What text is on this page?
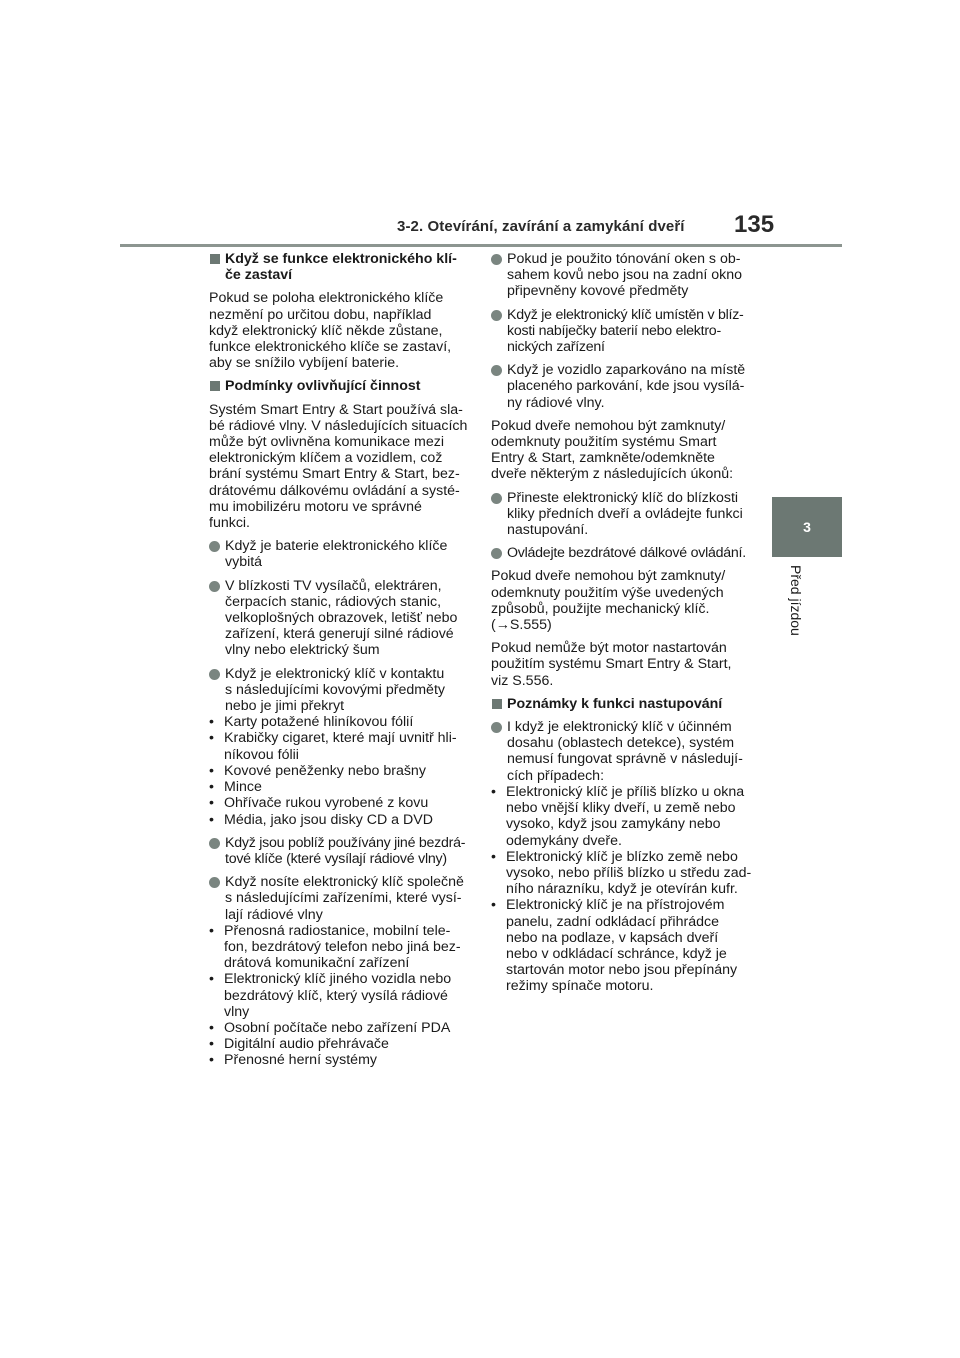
3-2. Otevírání, zavírání a zamykání dveří 135
3
Před jízdou
Když se funkce elektronického klí-
če zastaví
Pokud se poloha elektronického klíče
nezmění po určitou dobu, například
když elektronický klíč někde zůstane,
funkce elektronického klíče se zastaví,
aby se snížilo vybíjení baterie.
Podmínky ovlivňující činnost
Systém Smart Entry & Start používá sla-
bé rádiové vlny. V následujících situacích
může být ovlivněna komunikace mezi
elektronickým klíčem a vozidlem, což
brání systému Smart Entry & Start, bez-
drátovému dálkovému ovládání a systé-
mu imobilizéru motoru ve správné
funkci.
Když je baterie elektronického klíče
vybitá
V blízkosti TV vysílačů, elektráren,
čerpacích stanic, rádiových stanic,
velkoplošných obrazovek, letišť nebo
zařízení, která generují silné rádiové
vlny nebo elektrický šum
Když je elektronický klíč v kontaktu
s následujícími kovovými předměty
nebo je jimi překryt
• Karty potažené hliníkovou fólií
• Krabičky cigaret, které mají uvnitř hli-
níkovou fólii
• Kovové peněženky nebo brašny
• Mince
• Ohřívače rukou vyrobené z kovu
• Média, jako jsou disky CD a DVD
Když jsou poblíž používány jiné bezdrá-
tové klíče (které vysílají rádiové vlny)
Když nosíte elektronický klíč společně
s následujícími zařízeními, které vysí-
lají rádiové vlny
• Přenosná radiostanice, mobilní tele-
fon, bezdrátový telefon nebo jiná bez-
drátová komunikační zařízení
• Elektronický klíč jiného vozidla nebo
bezdrátový klíč, který vysílá rádiové
vlny
• Osobní počítače nebo zařízení PDA
• Digitální audio přehrávače
• Přenosné herní systémy
Pokud je použito tónování oken s ob-
sahem kovů nebo jsou na zadní okno
připevněny kovové předměty
Když je elektronický klíč umístěn v blíz-
kosti nabíječky baterií nebo elektro-
nických zařízení
Když je vozidlo zaparkováno na místě
placeného parkování, kde jsou vysílá-
ny rádiové vlny.
Pokud dveře nemohou být zamknuty/
odemknuty použitím systému Smart
Entry & Start, zamkněte/odemkněte
dveře některým z následujících úkonů:
Přineste elektronický klíč do blízkosti
kliky předních dveří a ovládejte funkci
nastupování.
Ovládejte bezdrátové dálkové ovládání.
Pokud dveře nemohou být zamknuty/
odemknuty použitím výše uvedených
způsobů, použijte mechanický klíč.
(→S.555)
Pokud nemůže být motor nastartován
použitím systému Smart Entry & Start,
viz S.556.
Poznámky k funkci nastupování
I když je elektronický klíč v účinném
dosahu (oblastech detekce), systém
nemusí fungovat správně v následují-
cích případech:
• Elektronický klíč je příliš blízko u okna
nebo vnější kliky dveří, u země nebo
vysoko, když jsou zamykány nebo
odemykány dveře.
• Elektronický klíč je blízko země nebo
vysoko, nebo příliš blízko u středu zad-
ního nárazníku, když je otevírán kufr.
• Elektronický klíč je na přístrojovém
panelu, zadní odkládací přihrádce
nebo na podlaze, v kapsách dveří
nebo v odkládací schránce, když je
startován motor nebo jsou přepínány
režimy spínače motoru.
